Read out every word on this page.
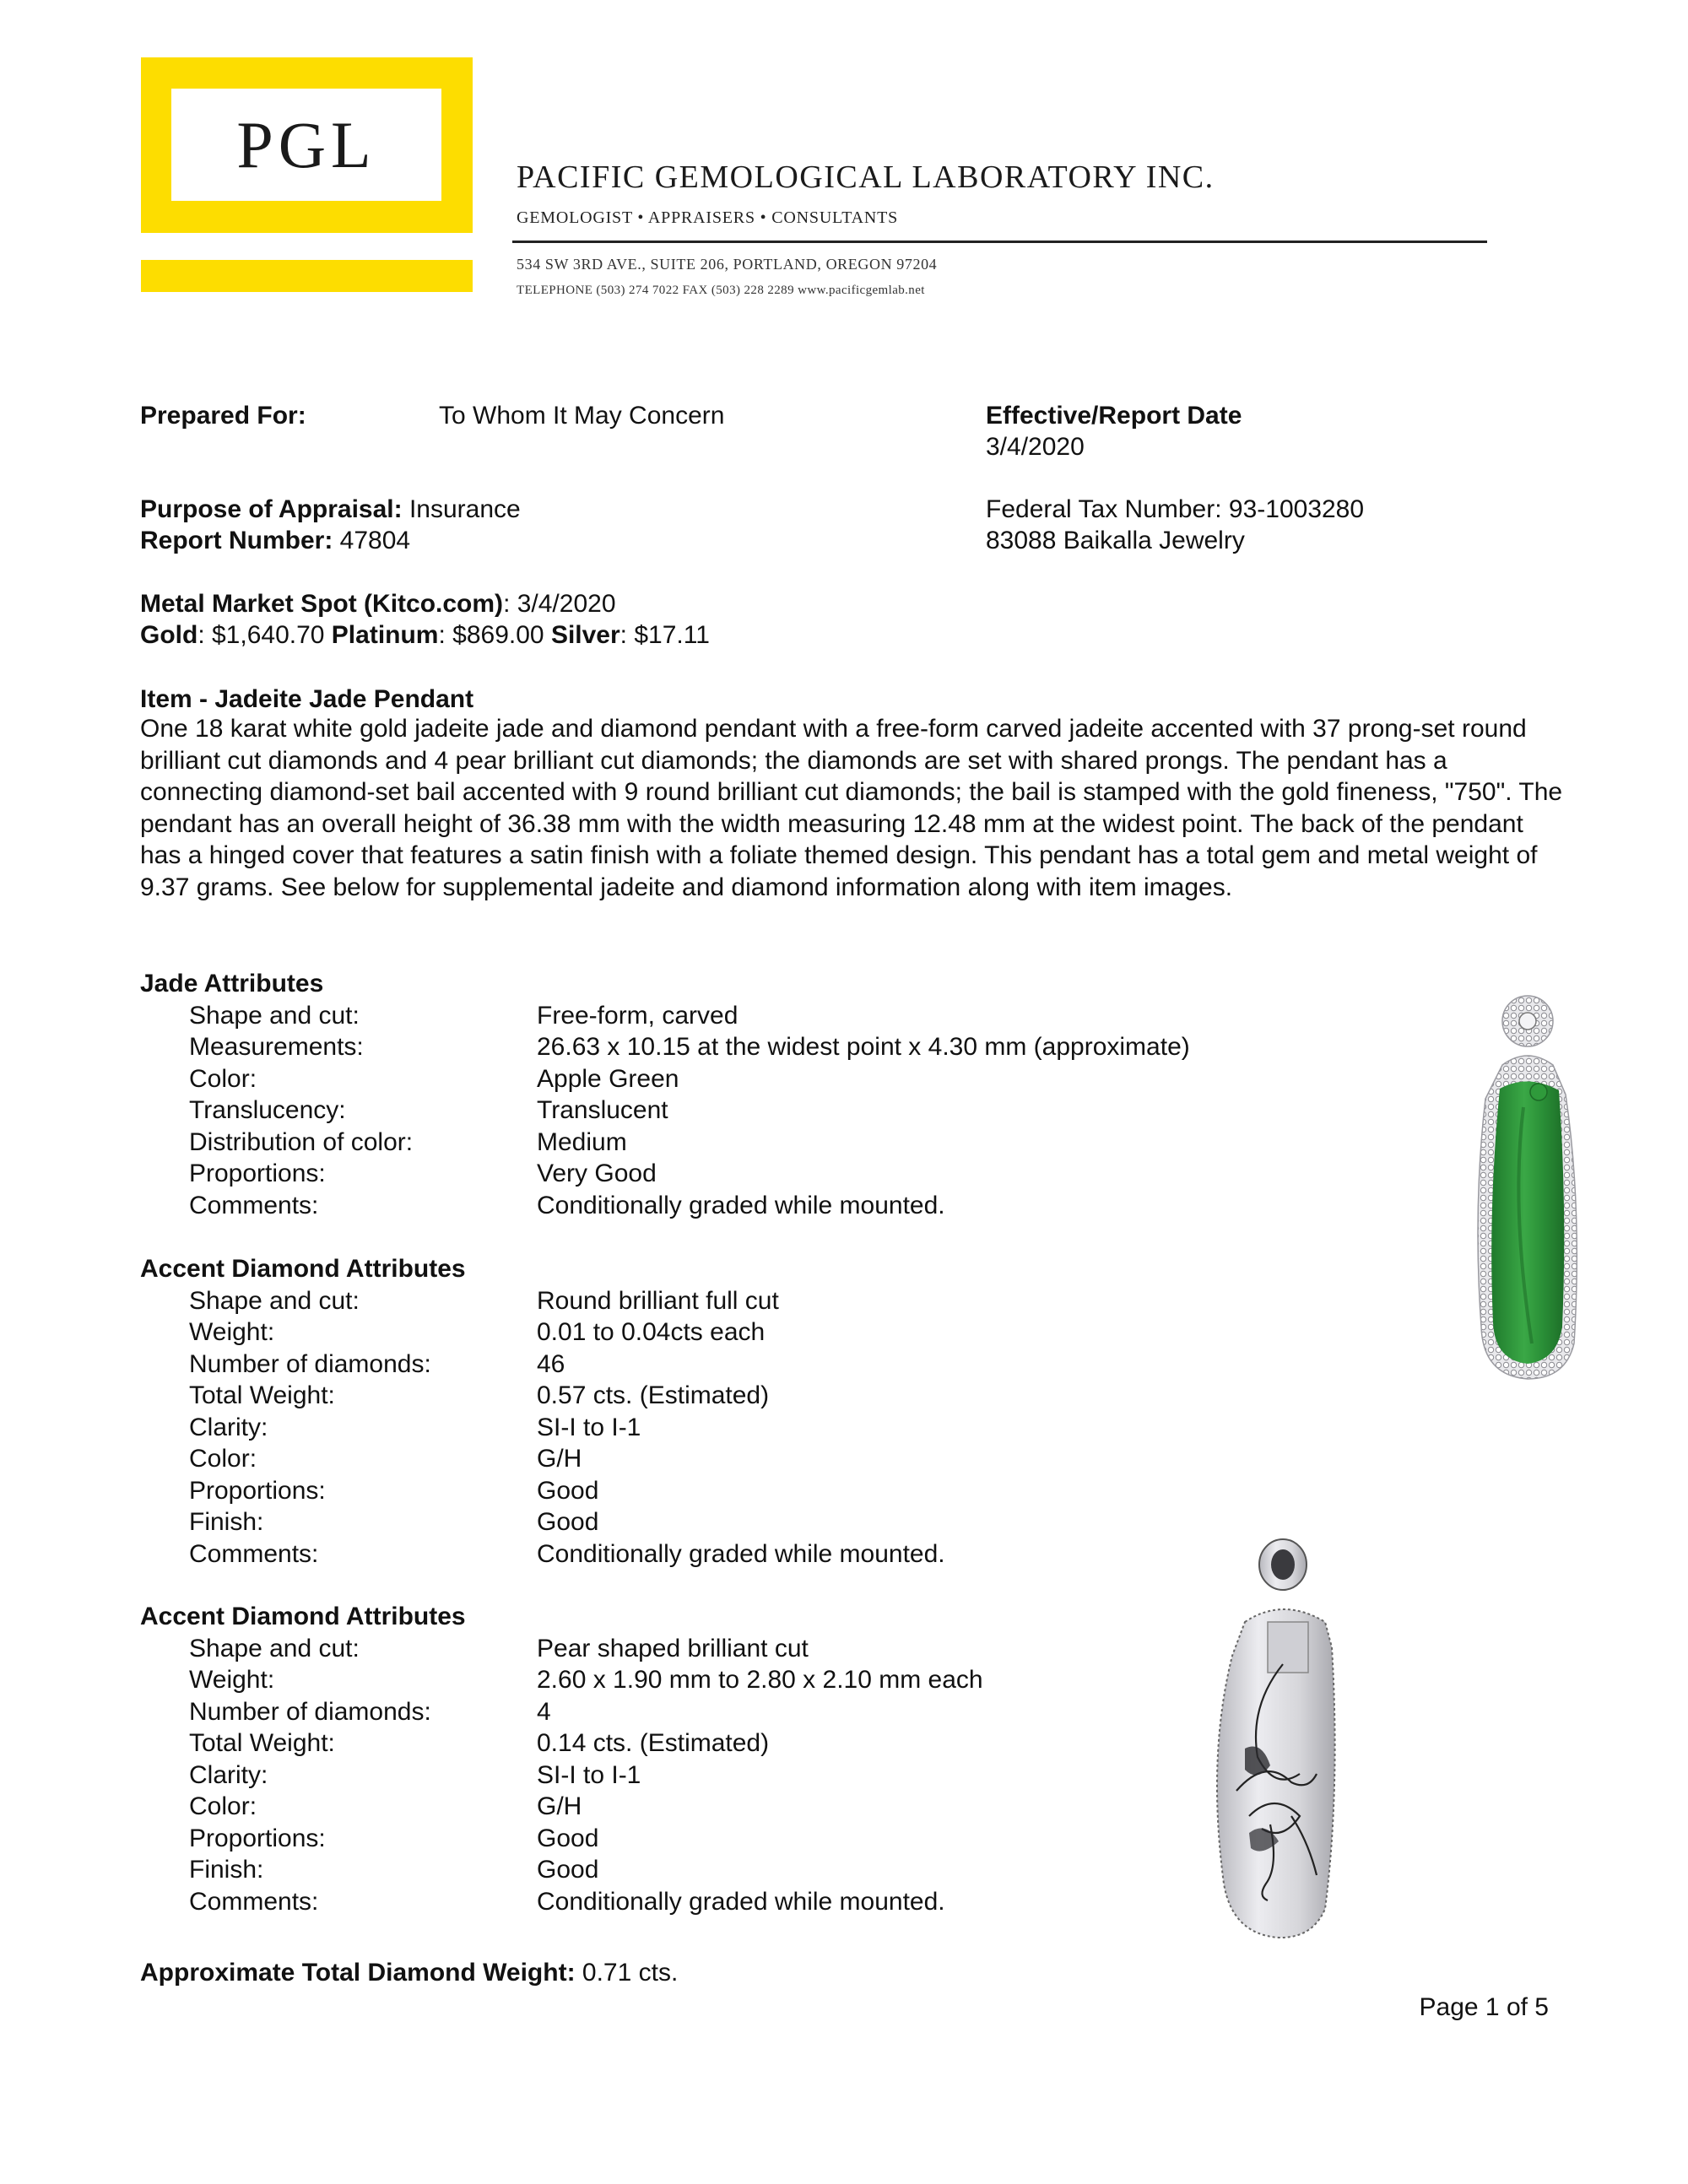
PGL	PACIFIC GEMOLOGICAL LABORATORY INC.
GEMOLOGIST • APPRAISERS • CONSULTANTS
534 SW 3RD AVE., SUITE 206, PORTLAND, OREGON 97204
TELEPHONE (503) 274 7022 FAX (503) 228 2289 www.pacificgemlab.net
Prepared For:	To Whom It May Concern	Effective/Report Date
3/4/2020
Purpose of Appraisal: Insurance
Report Number: 47804
Federal Tax Number: 93-1003280
83088 Baikalla Jewelry
Metal Market Spot (Kitco.com): 3/4/2020
Gold: $1,640.70 Platinum: $869.00 Silver: $17.11
Item - Jadeite Jade Pendant
One 18 karat white gold jadeite jade and diamond pendant with a free-form carved jadeite accented with 37 prong-set round brilliant cut diamonds and 4 pear brilliant cut diamonds; the diamonds are set with shared prongs. The pendant has a connecting diamond-set bail accented with 9 round brilliant cut diamonds; the bail is stamped with the gold fineness, "750". The pendant has an overall height of 36.38 mm with the width measuring 12.48 mm at the widest point. The back of the pendant has a hinged cover that features a satin finish with a foliate themed design. This pendant has a total gem and metal weight of 9.37 grams. See below for supplemental jadeite and diamond information along with item images.
Jade Attributes
Shape and cut:	Free-form, carved
Measurements:	26.63 x 10.15 at the widest point x 4.30 mm (approximate)
Color:	Apple Green
Translucency:	Translucent
Distribution of color:	Medium
Proportions:	Very Good
Comments:	Conditionally graded while mounted.
Accent Diamond Attributes
Shape and cut:	Round brilliant full cut
Weight:	0.01 to 0.04cts each
Number of diamonds:	46
Total Weight:	0.57 cts. (Estimated)
Clarity:	SI-I to I-1
Color:	G/H
Proportions:	Good
Finish:	Good
Comments:	Conditionally graded while mounted.
Accent Diamond Attributes
Shape and cut:	Pear shaped brilliant cut
Weight:	2.60 x 1.90 mm to 2.80 x 2.10 mm each
Number of diamonds:	4
Total Weight:	0.14 cts. (Estimated)
Clarity:	SI-I to I-1
Color:	G/H
Proportions:	Good
Finish:	Good
Comments:	Conditionally graded while mounted.
Approximate Total Diamond Weight: 0.71 cts.
Page 1 of 5
